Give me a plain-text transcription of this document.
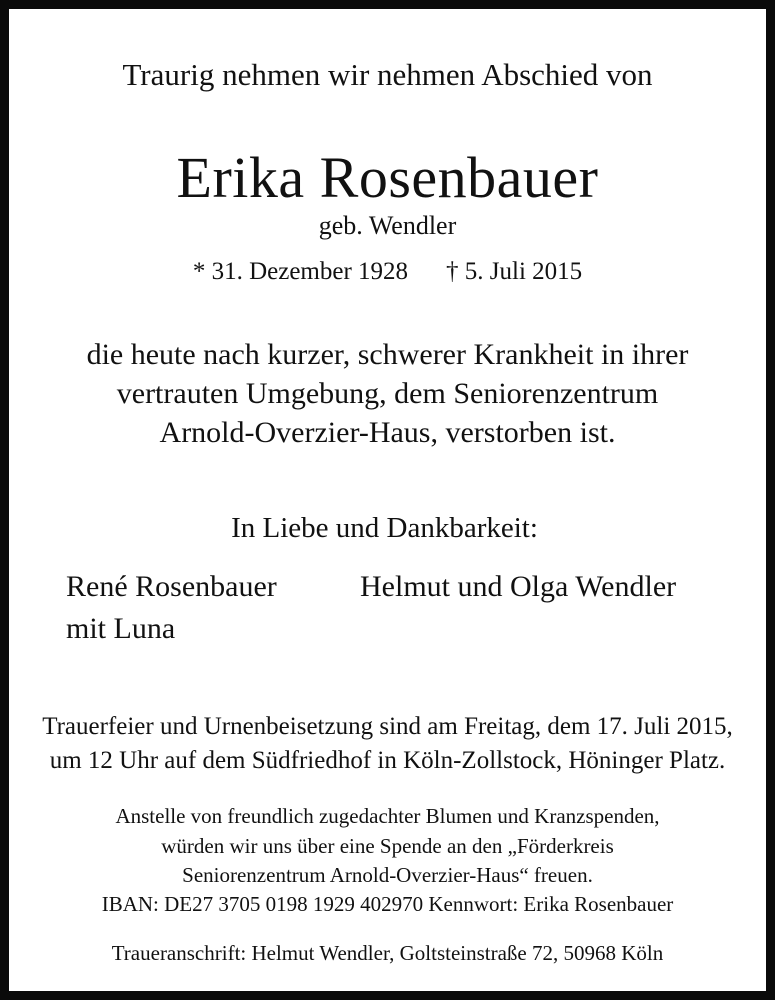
Traurig nehmen wir nehmen Abschied von

Erika Rosenbauer

geb. Wendler

* 31. Dezember 1928 † 5. Juli 2015

die heute nach kurzer, schwerer Krankheit in ihrer

vertrauten Umgebung, dem Seniorenzentrum

Arnold-Overzier-Haus, verstorben ist.

In Liebe und Dankbarkeit:

René Rosenbauer
mit Luna
Helmut und Olga Wendler

Trauerfeier und Urnenbeisetzung sind am Freitag, dem 17. Juli 2015,

um 12 Uhr auf dem Südfriedhof in Köln-Zollstock, Höninger Platz.

Anstelle von freundlich zugedachter Blumen und Kranzspenden,

würden wir uns über eine Spende an den „Förderkreis

Seniorenzentrum Arnold-Overzier-Haus“ freuen.

IBAN: DE27 3705 0198 1929 402970 Kennwort: Erika Rosenbauer

Traueranschrift: Helmut Wendler, Goltsteinstraße 72, 50968 Köln
